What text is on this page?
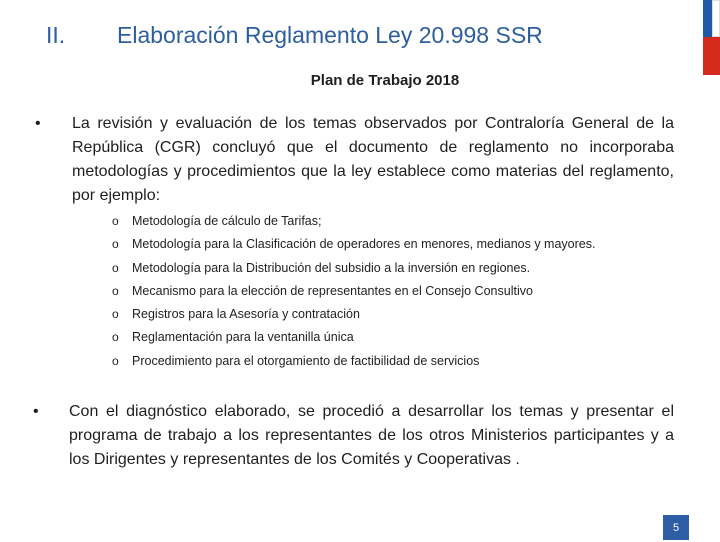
II. Elaboración Reglamento Ley 20.998 SSR
Plan de Trabajo 2018
• La revisión y evaluación de los temas observados por Contraloría General de la República (CGR) concluyó que el documento de reglamento no incorporaba metodologías y procedimientos que la ley establece como materias del reglamento, por ejemplo:
o Metodología de cálculo de Tarifas;
o Metodología para la Clasificación de operadores en menores, medianos y mayores.
o Metodología para la Distribución del subsidio a la inversión en regiones.
o Mecanismo para la elección de representantes en el Consejo Consultivo
o Registros para la Asesoría y contratación
o Reglamentación para la ventanilla única
o Procedimiento para el otorgamiento de factibilidad de servicios
• Con el diagnóstico elaborado, se procedió a desarrollar los temas y presentar el programa de trabajo a los representantes de los otros Ministerios participantes y a los Dirigentes y representantes de los Comités y Cooperativas .
5
